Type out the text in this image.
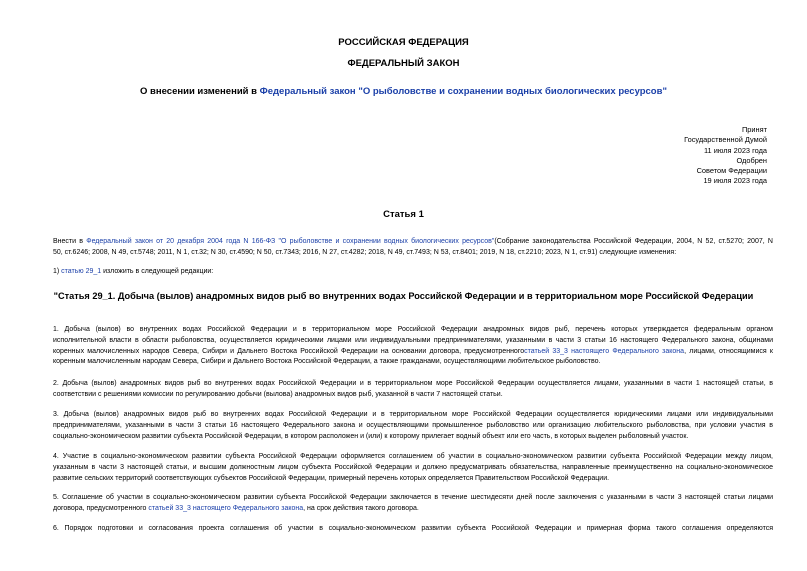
РОССИЙСКАЯ ФЕДЕРАЦИЯ
ФЕДЕРАЛЬНЫЙ ЗАКОН
О внесении изменений в Федеральный закон "О рыболовстве и сохранении водных биологических ресурсов"
Принят
Государственной Думой
11 июля 2023 года
Одобрен
Советом Федерации
19 июля 2023 года
Статья 1
Внести в Федеральный закон от 20 декабря 2004 года N 166-ФЗ "О рыболовстве и сохранении водных биологических ресурсов"(Собрание законодательства Российской Федерации, 2004, N 52, ст.5270; 2007, N
50, ст.6246; 2008, N 49, ст.5748; 2011, N 1, ст.32; N 30, ст.4590; N 50, ст.7343; 2016, N 27, ст.4282; 2018, N 49, ст.7493; N 53, ст.8401; 2019, N 18, ст.2210; 2023, N 1, ст.91) следующие изменения:
1) статью 29_1 изложить в следующей редакции:
"Статья 29_1. Добыча (вылов) анадромных видов рыб во внутренних водах Российской Федерации и в территориальном море Российской Федерации
1. Добыча (вылов) во внутренних водах Российской Федерации и в территориальном море Российской Федерации анадромных видов рыб, перечень которых утверждается федеральным органом
исполнительной власти в области рыболовства, осуществляется юридическими лицами или индивидуальными предпринимателями, указанными в части 3 статьи 16 настоящего Федерального закона, общинами
коренных малочисленных народов Севера, Сибири и Дальнего Востока Российской Федерации на основании договора, предусмотренногостатьей 33_3 настоящего Федерального закона, лицами, относящимися к
коренным малочисленным народам Севера, Сибири и Дальнего Востока Российской Федерации, а также гражданами, осуществляющими любительское рыболовство.
2. Добыча (вылов) анадромных видов рыб во внутренних водах Российской Федерации и в территориальном море Российской Федерации осуществляется лицами, указанными в части 1 настоящей статьи, в
соответствии с решениями комиссии по регулированию добычи (вылова) анадромных видов рыб, указанной в части 7 настоящей статьи.
3. Добыча (вылов) анадромных видов рыб во внутренних водах Российской Федерации и в территориальном море Российской Федерации осуществляется юридическими лицами или индивидуальными
предпринимателями, указанными в части 3 статьи 16 настоящего Федерального закона и осуществляющими промышленное рыболовство или организацию любительского рыболовства, при условии участия в
социально-экономическом развитии субъекта Российской Федерации, в котором расположен и (или) к которому прилегает водный объект или его часть, в которых выделен рыболовный участок.
4. Участие в социально-экономическом развитии субъекта Российской Федерации оформляется соглашением об участии в социально-экономическом развитии субъекта Российской Федерации между лицом,
указанным в части 3 настоящей статьи, и высшим должностным лицом субъекта Российской Федерации и должно предусматривать обязательства, направленные преимущественно на социально-экономическое
развитие сельских территорий соответствующих субъектов Российской Федерации, примерный перечень которых определяется Правительством Российской Федерации.
5. Соглашение об участии в социально-экономическом развитии субъекта Российской Федерации заключается в течение шестидесяти дней после заключения с указанными в части 3 настоящей статьи лицами
договора, предусмотренного статьей 33_3 настоящего Федерального закона, на срок действия такого договора.
6. Порядок подготовки и согласования проекта соглашения об участии в социально-экономическом развитии субъекта Российской Федерации и примерная форма такого соглашения определяются
